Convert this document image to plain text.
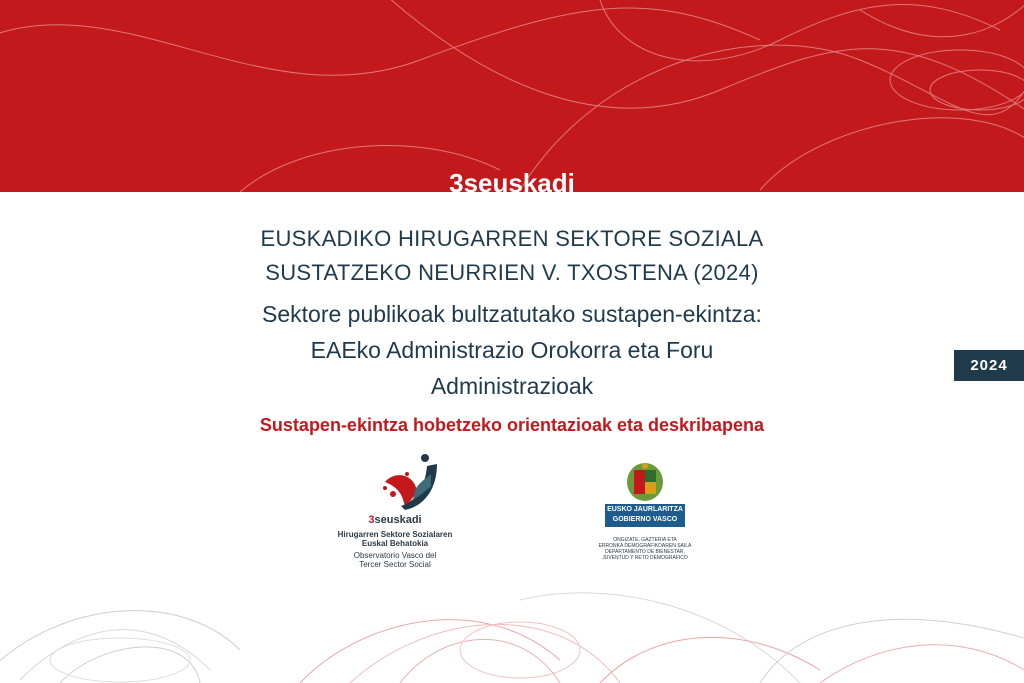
3seuskadi
EUSKADIKO HIRUGARREN SEKTORE SOZIALA
SUSTATZEKO NEURRIEN V. TXOSTENA (2024)
Sektore publikoak bultzatutako sustapen-ekintza:
EAEko Administrazio Orokorra eta Foru
Administrazioak
Sustapen-ekintza hobetzeko orientazioak eta deskribapena
2024
3seuskadi
Hirugarren Sektore Sozialaren
Euskal Behatokia
Observatorio Vasco del
Tercer Sector Social
EUSKO JAURLARITZA
GOBIERNO VASCO
ONGIZATE, GAZTERIA ETA
ERRONKA DEMOGRAFIKOAREN SAILA
DEPARTAMENTO DE BIENESTAR,
JUVENTUD Y RETO DEMOGRÁFICO
